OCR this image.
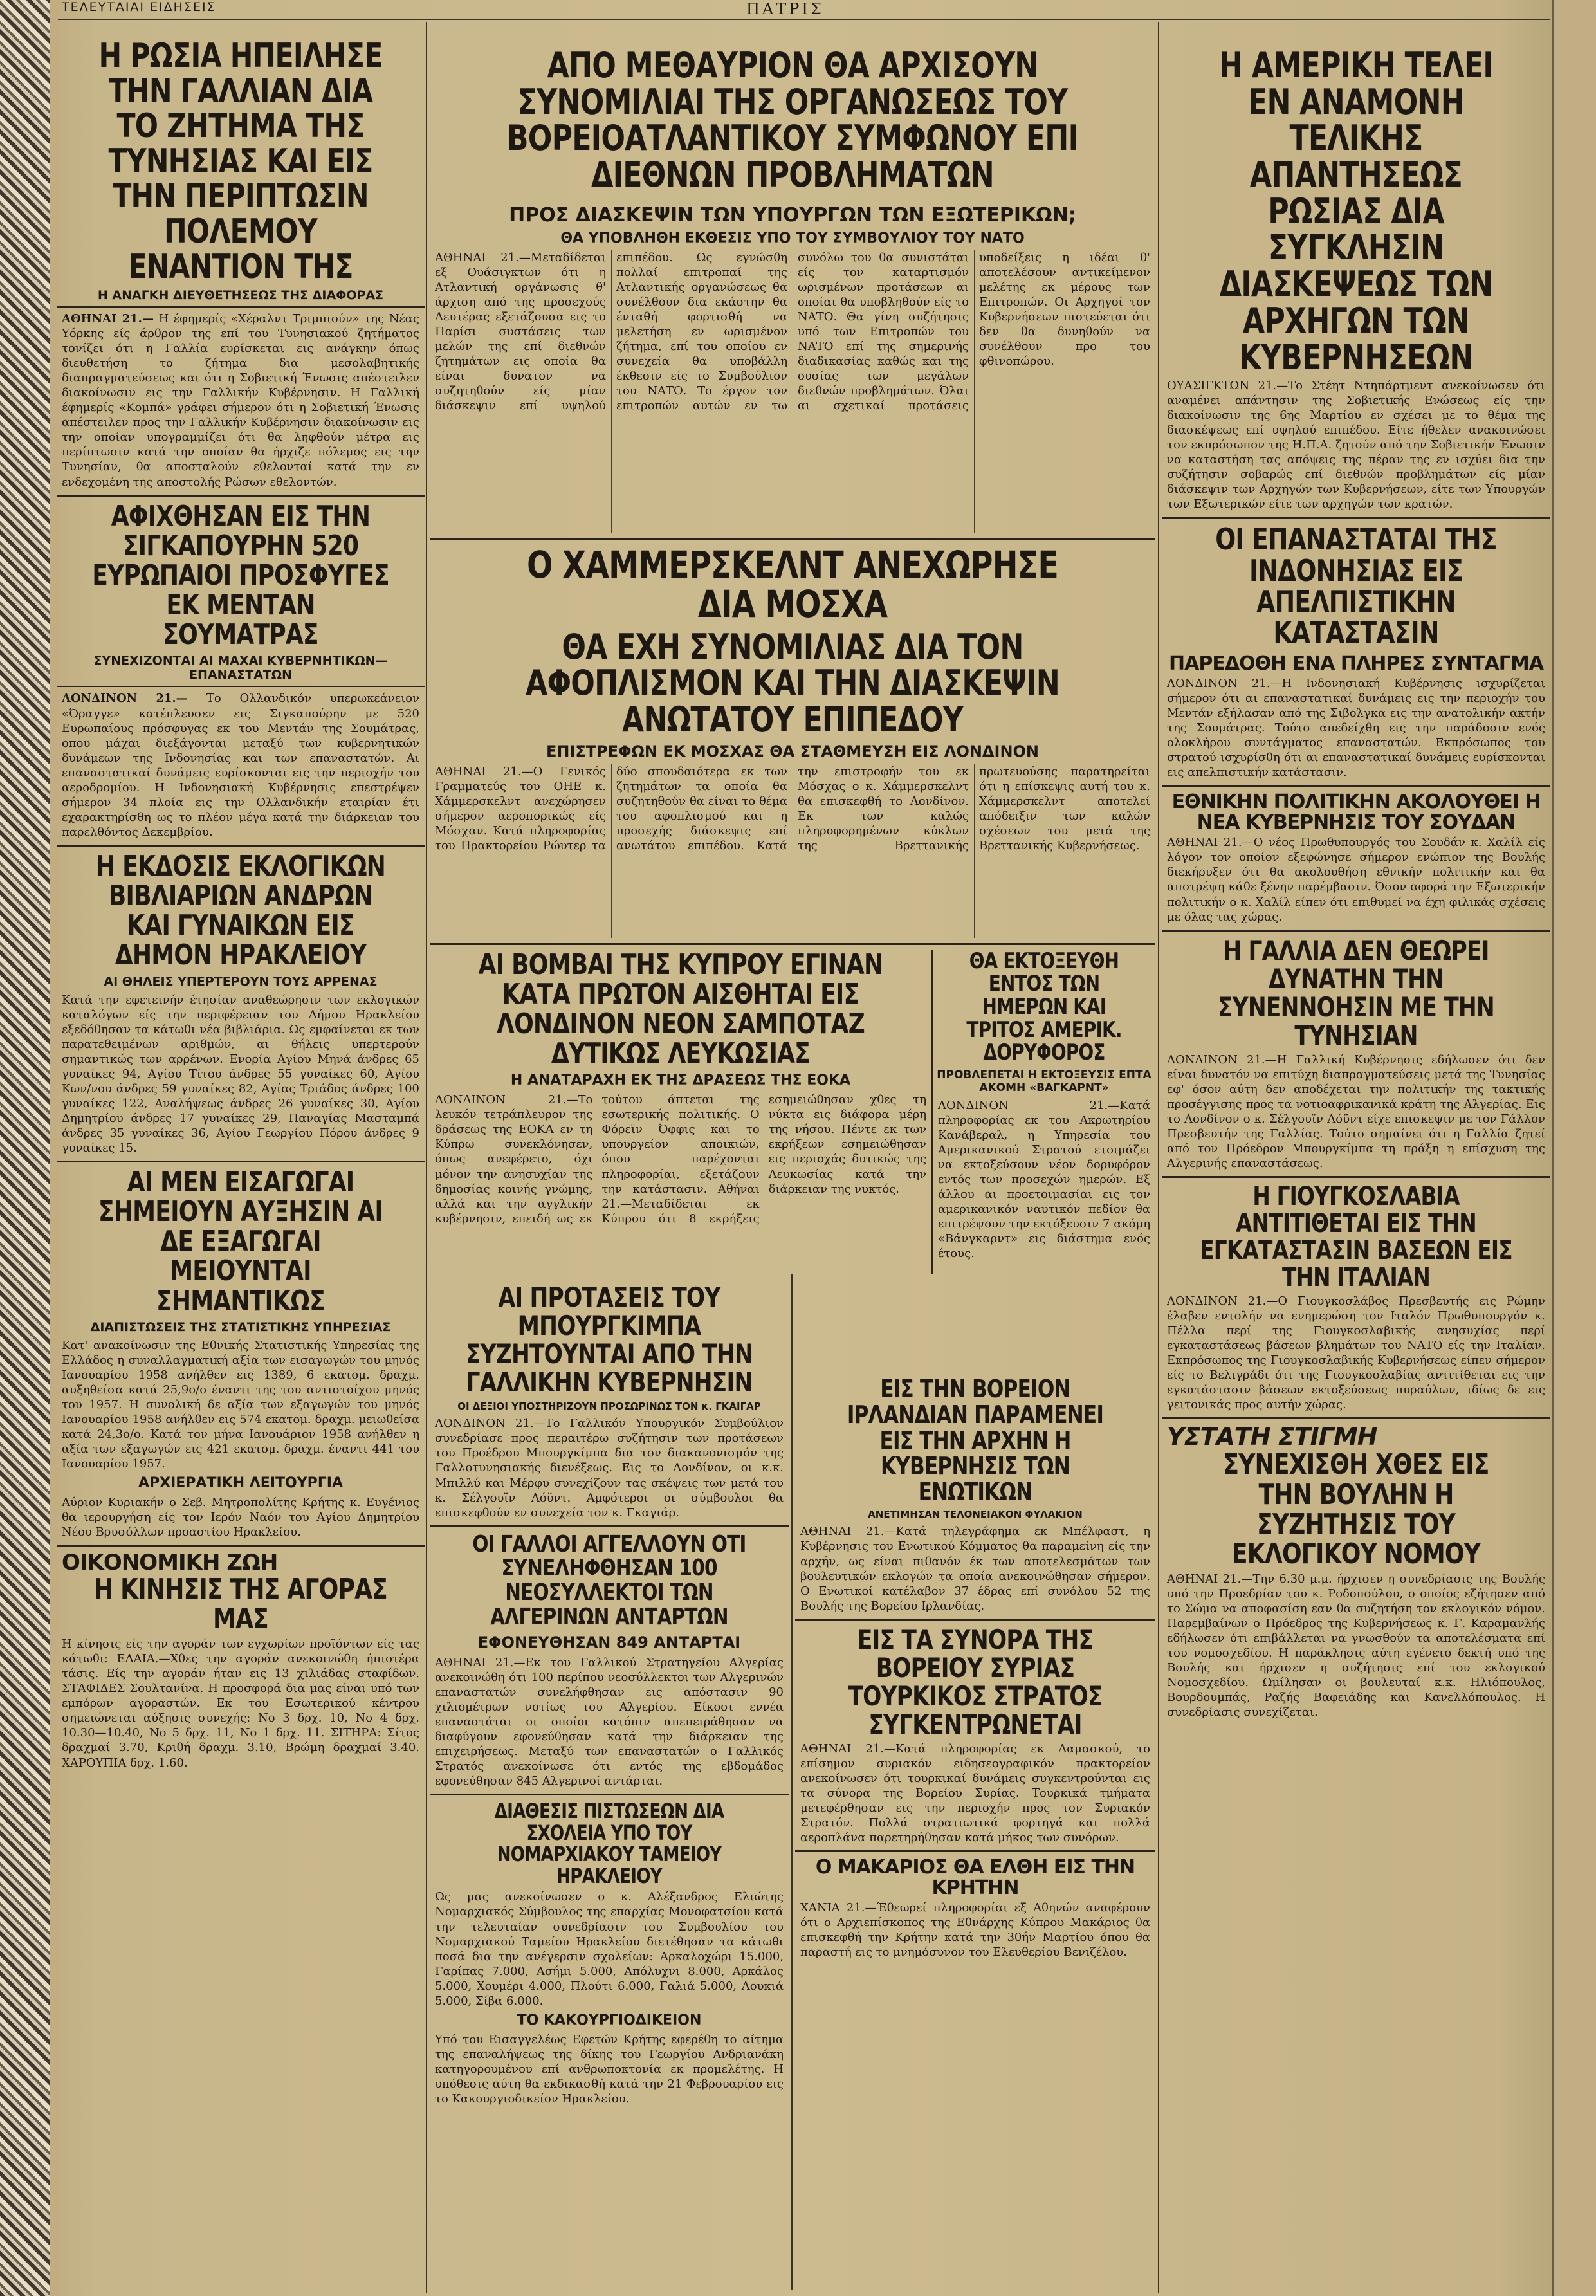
ΤΕΛΕΥΤΑΙΑΙ ΕΙΔΗΣΕΙΣ	ΠΑΤΡΙΣ
Η ΡΩΣΙΑ ΗΠΕΙΛΗΣΕ ΤΗΝ ΓΑΛΛΙΑΝ ΔΙΑ ΤΟ ΖΗΤΗΜΑ ΤΗΣ ΤΥΝΗΣΙΑΣ ΚΑΙ ΕΙΣ ΤΗΝ ΠΕΡΙΠΤΩΣΙΝ ΠΟΛΕΜΟΥ ΕΝΑΝΤΙΟΝ ΤΗΣ
Η ΑΝΑΓΚΗ ΔΙΕΥΘΕΤΗΣΕΩΣ ΤΗΣ ΔΙΑΦΟΡΑΣ
ΑΘΗΝΑΙ 21.— Η έφημερίς «Χέραλντ Τριμπιούν» της Νέας Υόρκης είς άρθρον της επί του Τυνησιακού ζητήματος τονίζει ότι η Γαλλία ευρίσκεται εις ανάγκην όπως διευθετήση το ζήτημα δια μεσολαβητικής διαπραγματεύσεως και ότι η Σοβιετική Ένωσις απέστειλεν διακοίνωσιν εις την Γαλλικήν Κυβέρνησιν. Η Γαλλική έφημερίς «Κομπά» γράφει σήμερον ότι η Σοβιετική Ένωσις απέστειλεν προς την Γαλλικήν Κυβέρνησιν διακοίνωσιν εις την οποίαν υπογραμμίζει ότι θα ληφθούν μέτρα εις περίπτωσιν κατά την οποίαν θα ήρχιζε πόλεμος εις την Τυνησίαν, θα αποσταλούν εθελονταί κατά την εν ενδεχομένη της αποστολής Ρώσων εθελοντών.
ΑΦΙΧΘΗΣΑΝ ΕΙΣ ΤΗΝ ΣΙΓΚΑΠΟΥΡΗΝ 520 ΕΥΡΩΠΑΙΟΙ ΠΡΟΣΦΥΓΕΣ ΕΚ ΜΕΝΤΑΝ ΣΟΥΜΑΤΡΑΣ
ΣΥΝΕΧΙΖΟΝΤΑΙ ΑΙ ΜΑΧΑΙ ΚΥΒΕΡΝΗΤΙΚΩΝ—ΕΠΑΝΑΣΤΑΤΩΝ
ΛΟΝΔΙΝΟΝ 21.— Το Ολλανδικόν υπερωκεάνειον «Όραγγε» κατέπλευσεν εις Σιγκαπούρην με 520 Ευρωπαίους πρόσφυγας εκ του Μεντάν της Σουμάτρας, οπου μάχαι διεξάγονται μεταξύ των κυβερνητικών δυνάμεων της Ινδονησίας και των επαναστατών. Αι επαναστατικαί δυνάμεις ευρίσκονται εις την περιοχήν του αεροδρομίου. Η Ινδονησιακή Κυβέρνησις επεστρέψεν σήμερον 34 πλοία εις την Ολλανδικήν εταιρίαν έτι εχαρακτηρίσθη ως το πλέον μέγα κατά την διάρκειαν του παρελθόντος Δεκεμβρίου.
Η ΕΚΔΟΣΙΣ ΕΚΛΟΓΙΚΩΝ ΒΙΒΛΙΑΡΙΩΝ ΑΝΔΡΩΝ ΚΑΙ ΓΥΝΑΙΚΩΝ ΕΙΣ ΔΗΜΟΝ ΗΡΑΚΛΕΙΟΥ
ΑΙ ΘΗΛΕΙΣ ΥΠΕΡΤΕΡΟΥΝ ΤΟΥΣ ΑΡΡΕΝΑΣ
Κατά την εφετεινήν έτησίαν αναθεώρησιν των εκλογικών καταλόγων είς την περιφέρειαν του Δήμου Ηρακλείου εξεδόθησαν τα κάτωθι νέα βιβλιάρια. Ως εμφαίνεται εκ των παρατεθειμένων αριθμών, αι θήλεις υπερτερούν σημαντικώς των αρρένων. Ενορία Αγίου Μηνά άνδρες 65 γυναίκες 94, Αγίου Τίτου άνδρες 55 γυναίκες 60, Αγίου Κων/νου άνδρες 59 γυναίκες 82, Αγίας Τριάδος άνδρες 100 γυναίκες 122, Αναλήψεως άνδρες 26 γυναίκες 30, Αγίου Δημητρίου άνδρες 17 γυναίκες 29, Παναγίας Μασταμπά άνδρες 35 γυναίκες 36, Αγίου Γεωργίου Πόρου άνδρες 9 γυναίκες 15.
ΑΙ ΜΕΝ ΕΙΣΑΓΩΓΑΙ ΣΗΜΕΙΟΥΝ ΑΥΞΗΣΙΝ ΑΙ ΔΕ ΕΞΑΓΩΓΑΙ ΜΕΙΟΥΝΤΑΙ ΣΗΜΑΝΤΙΚΩΣ
ΔΙΑΠΙΣΤΩΣΕΙΣ ΤΗΣ ΣΤΑΤΙΣΤΙΚΗΣ ΥΠΗΡΕΣΙΑΣ
Κατ' ανακοίνωσιν της Εθνικής Στατιστικής Υπηρεσίας της Ελλάδος η συναλλαγματική αξία των εισαγωγών του μηνός Ιανουαρίου 1958 ανήλθεν εις 1389, 6 εκατομ. δραχμ. αυξηθείσα κατά 25,9ο/ο έναντι της του αντιστοίχου μηνός του 1957. Η συνολική δε αξία των εξαγωγών του μηνός Ιανουαρίου 1958 ανήλθεν εις 574 εκατομ. δραχμ. μειωθείσα κατά 24,3ο/ο. Κατά τον μήνα Ιανουάριον 1958 ανήλθεν η αξία των εξαγωγών εις 421 εκατομ. δραχμ. έναντι 441 του Ιανουαρίου 1957.
ΑΡΧΙΕΡΑΤΙΚΗ ΛΕΙΤΟΥΡΓΙΑ
Αύριον Κυριακήν ο Σεβ. Μητροπολίτης Κρήτης κ. Ευγένιος θα ιερουργήση είς τον Ιερόν Ναόν του Αγίου Δημητρίου Νέου Βρυσόλλων προαστίου Ηρακλείου.
ΟΙΚΟΝΟΜΙΚΗ ΖΩΗ
Η ΚΙΝΗΣΙΣ ΤΗΣ ΑΓΟΡΑΣ ΜΑΣ
Η κίνησις είς την αγοράν των εγχωρίων προϊόντων είς τας κάτωθι: ΕΛΑΙΑ.—Χθες την αγοράν ανεκοινώθη ήπιοτέρα τάσις. Είς την αγοράν ήταν εις 13 χιλιάδας σταφίδων. ΣΤΑΦΙΔΕΣ Σουλτανίνα. Η προσφορά δια μας είναι υπό των εμπόρων αγοραστών. Εκ του Εσωτερικού κέντρου σημειώνεται αύξησις συνεχής: Νο 3 δρχ. 10, Νο 4 δρχ. 10.30—10.40, Νο 5 δρχ. 11, Νο 1 δρχ. 11. ΣΙΤΗΡΑ: Σίτος δραχμαί 3.70, Κριθή δραχμ. 3.10, Βρώμη δραχμαί 3.40. ΧΑΡΟΥΠΙΑ δρχ. 1.60.
ΑΠΟ ΜΕΘΑΥΡΙΟΝ ΘΑ ΑΡΧΙΣΟΥΝ ΣΥΝΟΜΙΛΙΑΙ ΤΗΣ ΟΡΓΑΝΩΣΕΩΣ ΤΟΥ ΒΟΡΕΙΟΑΤΛΑΝΤΙΚΟΥ ΣΥΜΦΩΝΟΥ ΕΠΙ ΔΙΕΘΝΩΝ ΠΡΟΒΛΗΜΑΤΩΝ
ΠΡΟΣ ΔΙΑΣΚΕΨΙΝ ΤΩΝ ΥΠΟΥΡΓΩΝ ΤΩΝ ΕΞΩΤΕΡΙΚΩΝ;
ΘΑ ΥΠΟΒΛΗΘΗ ΕΚΘΕΣΙΣ ΥΠΟ ΤΟΥ ΣΥΜΒΟΥΛΙΟΥ ΤΟΥ ΝΑΤΟ
ΑΘΗΝΑΙ 21.—Μεταδίδεται εξ Ουάσιγκτων ότι η Ατλαντική οργάνωσις θ' άρχιση από της προσεχούς Δευτέρας εξετάζουσα εις το Παρίσι συστάσεις των μελών της επί διεθνών ζητημάτων εις οποία θα είναι δυνατον να συζητηθούν είς μίαν διάσκεψιν επί υψηλού επιπέδου. Ως εγνώσθη πολλαί επιτροπαί της Ατλαντικής οργανώσεως θα συνέλθουν δια εκάστην θα ένταθή φορτισθή να μελετήση εν ωρισμένον ζήτημα, επί του οποίου εν συνεχεία θα υποβάλλη έκθεσιν είς το Συμβούλιον του ΝΑΤΟ. Το έργον τον επιτροπών αυτών εν τω συνόλω του θα συνιστάται είς τον καταρτισμόν ωρισμένων προτάσεων αι οποίαι θα υποβληθούν είς το ΝΑΤΟ. Θα γίνη συζήτησις υπό των Επιτροπών του ΝΑΤΟ επί της σημερινής διαδικασίας καθώς και της ουσίας των μεγάλων διεθνών προβλημάτων. Όλαι αι σχετικαί προτάσεις υποδείξεις η ιδέαι θ' αποτελέσουν αντικείμενον μελέτης εκ μέρους των Επιτροπών. Οι Αρχηγοί τον Κυβερνήσεων πιστεύεται ότι δεν θα δυνηθούν να συνέλθουν προ του φθινοπώρου.
Ο ΧΑΜΜΕΡΣΚΕΛΝΤ ΑΝΕΧΩΡΗΣΕ ΔΙΑ ΜΟΣΧΑ
ΘΑ ΕΧΗ ΣΥΝΟΜΙΛΙΑΣ ΔΙΑ ΤΟΝ ΑΦΟΠΛΙΣΜΟΝ ΚΑΙ ΤΗΝ ΔΙΑΣΚΕΨΙΝ ΑΝΩΤΑΤΟΥ ΕΠΙΠΕΔΟΥ
ΕΠΙΣΤΡΕΦΩΝ ΕΚ ΜΟΣΧΑΣ ΘΑ ΣΤΑΘΜΕΥΣΗ ΕΙΣ ΛΟΝΔΙΝΟΝ
ΑΘΗΝΑΙ 21.—Ο Γενικός Γραμματεύς του ΟΗΕ κ. Χάμμερσκελντ ανεχώρησεν σήμερον αεροπορικώς είς Μόσχαν. Κατά πληροφορίας του Πρακτορείου Ρώυτερ τα δύο σπουδαιότερα εκ των ζητημάτων τα οποία θα συζητηθούν θα είναι το θέμα του αφοπλισμού και η προσεχής διάσκεψις επί ανωτάτου επιπέδου. Κατά την επιστροφήν του εκ Μόσχας ο κ. Χάμμερσκελντ θα επισκεφθή το Λονδίνον. Εκ των καλώς πληροφορημένων κύκλων της Βρεττανικής πρωτευούσης παρατηρείται ότι η επίσκεψις αυτή του κ. Χάμμερσκελντ αποτελεί απόδειξιν των καλών σχέσεων του μετά της Βρεττανικής Κυβερνήσεως.
ΑΙ ΒΟΜΒΑΙ ΤΗΣ ΚΥΠΡΟΥ ΕΓΙΝΑΝ ΚΑΤΑ ΠΡΩΤΟΝ ΑΙΣΘΗΤΑΙ ΕΙΣ ΛΟΝΔΙΝΟΝ ΝΕΟΝ ΣΑΜΠΟΤΑΖ ΔΥΤΙΚΩΣ ΛΕΥΚΩΣΙΑΣ
Η ΑΝΑΤΑΡΑΧΗ ΕΚ ΤΗΣ ΔΡΑΣΕΩΣ ΤΗΣ ΕΟΚΑ
ΛΟΝΔΙΝΟΝ 21.—Το λευκόν τετράπλευρον της δράσεως της ΕΟΚΑ εν τη Κύπρω συνεκλόνησεν, όπως ανεφέρετο, όχι μόνον την ανησυχίαν της δημοσίας κοινής γνώμης, αλλά και την αγγλικήν κυβέρνησιν, επειδή ως εκ τούτου άπτεται της εσωτερικής πολιτικής. Ο Φόρεϊν Όφφις και το υπουργείον αποικιών, όπου παρέχονται πληροφορίαι, εξετάζουν την κατάστασιν. Αθήναι 21.—Μεταδίδεται εκ Κύπρου ότι 8 εκρήξεις εσημειώθησαν χθες τη νύκτα εις διάφορα μέρη της νήσου. Πέντε εκ των εκρήξεων εσημειώθησαν εις περιοχάς δυτικώς της Λευκωσίας κατά την διάρκειαν της νυκτός.
ΘΑ ΕΚΤΟΞΕΥΘΗ ΕΝΤΟΣ ΤΩΝ ΗΜΕΡΩΝ ΚΑΙ ΤΡΙΤΟΣ ΑΜΕΡΙΚ. ΔΟΡΥΦΟΡΟΣ
ΠΡΟΒΛΕΠΕΤΑΙ Η ΕΚΤΟΞΕΥΣΙΣ ΕΠΤΑ ΑΚΟΜΗ «ΒΑΓΚΑΡΝΤ»
ΛΟΝΔΙΝΟΝ 21.—Κατά πληροφορίας εκ του Ακρωτηρίου Κανάβεραλ, η Υπηρεσία του Αμερικανικού Στρατού ετοιμάζει να εκτοξεύσουν νέον δορυφόρον εντός των προσεχών ημερών. Εξ άλλου αι προετοιμασίαι εις τον αμερικανικόν ναυτικόν πεδίον θα επιτρέψουν την εκτόξευσιν 7 ακόμη «Βάνγκαρντ» εις διάστημα ενός έτους.
ΑΙ ΠΡΟΤΑΣΕΙΣ ΤΟΥ ΜΠΟΥΡΓΚΙΜΠΑ ΣΥΖΗΤΟΥΝΤΑΙ ΑΠΟ ΤΗΝ ΓΑΛΛΙΚΗΝ ΚΥΒΕΡΝΗΣΙΝ
ΟΙ ΔΕΞΙΟΙ ΥΠΟΣΤΗΡΙΖΟΥΝ ΠΡΟΣΩΡΙΝΩΣ ΤΟΝ κ. ΓΚΑΙΓΑΡ
ΛΟΝΔΙΝΟΝ 21.—Το Γαλλικόν Υπουργικόν Συμβούλιον συνεδρίασε προς περαιτέρω συζήτησιν των προτάσεων του Προέδρου Μπουργκίμπα δια τον διακανονισμόν της Γαλλοτυνησιακής διενέξεως. Εις το Λονδίνον, οι κ.κ. Μπιλλύ και Μέρφυ συνεχίζουν τας σκέψεις των μετά του κ. Σέλγουϊν Λόϋντ. Αμφότεροι οι σύμβουλοι θα επισκεφθούν εν συνεχεία τον κ. Γκαγιάρ.
ΟΙ ΓΑΛΛΟΙ ΑΓΓΕΛΛΟΥΝ ΟΤΙ ΣΥΝΕΛΗΦΘΗΣΑΝ 100 ΝΕΟΣΥΛΛΕΚΤΟΙ ΤΩΝ ΑΛΓΕΡΙΝΩΝ ΑΝΤΑΡΤΩΝ
ΕΦΟΝΕΥΘΗΣΑΝ 849 ΑΝΤΑΡΤΑΙ
ΑΘΗΝΑΙ 21.—Εκ του Γαλλικού Στρατηγείου Αλγερίας ανεκοινώθη ότι 100 περίπου νεοσύλλεκτοι των Αλγερινών επαναστατών συνελήφθησαν εις απόστασιν 90 χιλιομέτρων νοτίως του Αλγερίου. Είκοσι εννέα επαναστάται οι οποίοι κατόπιν απεπειράθησαν να διαφύγουν εφονεύθησαν κατά την διάρκειαν της επιχειρήσεως. Μεταξύ των επαναστατών ο Γαλλικός Στρατός ανεκοίνωσε ότι εντός της εβδομάδος εφονεύθησαν 845 Αλγερινοί αντάρται.
ΔΙΑΘΕΣΙΣ ΠΙΣΤΩΣΕΩΝ ΔΙΑ ΣΧΟΛΕΙΑ ΥΠΟ ΤΟΥ ΝΟΜΑΡΧΙΑΚΟΥ ΤΑΜΕΙΟΥ ΗΡΑΚΛΕΙΟΥ
Ως μας ανεκοίνωσεν ο κ. Αλέξανδρος Ελιώτης Νομαρχιακός Σύμβουλος της επαρχίας Μονοφατσίου κατά την τελευταίαν συνεδρίασιν του Συμβουλίου του Νομαρχιακού Ταμείου Ηρακλείου διετέθησαν τα κάτωθι ποσά δια την ανέγερσιν σχολείων: Αρκαλοχώρι 15.000, Γαρίπας 7.000, Ασήμι 5.000, Απόλυχνι 8.000, Αρκάλος 5.000, Χουμέρι 4.000, Πλούτι 6.000, Γαλιά 5.000, Λουκιά 5.000, Σίβα 6.000.
ΤΟ ΚΑΚΟΥΡΓΙΟΔΙΚΕΙΟΝ
Υπό του Εισαγγελέως Εφετών Κρήτης εφερέθη το αίτημα της επαναλήψεως της δίκης του Γεωργίου Ανδριανάκη κατηγορουμένου επί ανθρωποκτονία εκ προμελέτης. Η υπόθεσις αύτη θα εκδικασθή κατά την 21 Φεβρουαρίου εις το Κακουργιοδικείον Ηρακλείου.
ΕΙΣ ΤΗΝ ΒΟΡΕΙΟΝ ΙΡΛΑΝΔΙΑΝ ΠΑΡΑΜΕΝΕΙ ΕΙΣ ΤΗΝ ΑΡΧΗΝ Η ΚΥΒΕΡΝΗΣΙΣ ΤΩΝ ΕΝΩΤΙΚΩΝ
ΑΝΕΤΙΜΗΣΑΝ ΤΕΛΟΝΕΙΑΚΟΝ ΦΥΛΑΚΙΟΝ
ΑΘΗΝΑΙ 21.—Κατά τηλεγράφημα εκ Μπέλφαστ, η Κυβέρνησις του Ενωτικού Κόμματος θα παραμείνη είς την αρχήν, ως είναι πιθανόν έκ των αποτελεσμάτων των βουλευτικών εκλογών τα οποία ανεκοινώθησαν σήμερον. Ο Ενωτικοί κατέλαβον 37 έδρας επί συνόλου 52 της Βουλής της Βορείου Ιρλανδίας.
ΕΙΣ ΤΑ ΣΥΝΟΡΑ ΤΗΣ ΒΟΡΕΙΟΥ ΣΥΡΙΑΣ ΤΟΥΡΚΙΚΟΣ ΣΤΡΑΤΟΣ ΣΥΓΚΕΝΤΡΩΝΕΤΑΙ
ΑΘΗΝΑΙ 21.—Κατά πληροφορίας εκ Δαμασκού, το επίσημον συριακόν ειδησεογραφικόν πρακτορείον ανεκοίνωσεν ότι τουρκικαί δυνάμεις συγκεντρούνται εις τα σύνορα της Βορείου Συρίας. Τουρκικά τμήματα μετεφέρθησαν εις την περιοχήν προς τον Συριακόν Στρατόν. Πολλά στρατιωτικά φορτηγά και πολλά αεροπλάνα παρετηρήθησαν κατά μήκος των συνόρων.
Ο ΜΑΚΑΡΙΟΣ ΘΑ ΕΛΘΗ ΕΙΣ ΤΗΝ ΚΡΗΤΗΝ
ΧΑΝΙΑ 21.—Έθεωρεί πληροφορίαι εξ Αθηνών αναφέρουν ότι ο Αρχιεπίσκοπος της Εθνάρχης Κύπρου Μακάριος θα επισκεφθή την Κρήτην κατά την 30ήν Μαρτίου όπου θα παραστή εις το μνημόσυνον του Ελευθερίου Βενιζέλου.
Η ΑΜΕΡΙΚΗ ΤΕΛΕΙ ΕΝ ΑΝΑΜΟΝΗ ΤΕΛΙΚΗΣ ΑΠΑΝΤΗΣΕΩΣ ΡΩΣΙΑΣ ΔΙΑ ΣΥΓΚΛΗΣΙΝ ΔΙΑΣΚΕΨΕΩΣ ΤΩΝ ΑΡΧΗΓΩΝ ΤΩΝ ΚΥΒΕΡΝΗΣΕΩΝ
ΟΥΑΣΙΓΚΤΩΝ 21.—Το Στέητ Ντηπάρτμεντ ανεκοίνωσεν ότι αναμένει απάντησιν της Σοβιετικής Ενώσεως είς την διακοίνωσιν της 6ης Μαρτίου εν σχέσει με το θέμα της διασκέψεως επί υψηλού επιπέδου. Είτε ήθελεν ανακοινώσει τον εκπρόσωπον της Η.Π.Α. ζητούν από την Σοβιετικήν Ένωσιν να καταστήση τας απόψεις της πέραν της εν ισχύει δια την συζήτησιν σοβαρώς επί διεθνών προβλημάτων είς μίαν διάσκεψιν των Αρχηγών των Κυβερνήσεων, είτε των Υπουργών των Εξωτερικών είτε των αρχηγών των κρατών.
ΟΙ ΕΠΑΝΑΣΤΑΤΑΙ ΤΗΣ ΙΝΔΟΝΗΣΙΑΣ ΕΙΣ ΑΠΕΛΠΙΣΤΙΚΗΝ ΚΑΤΑΣΤΑΣΙΝ
ΠΑΡΕΔΟΘΗ ΕΝΑ ΠΛΗΡΕΣ ΣΥΝΤΑΓΜΑ
ΛΟΝΔΙΝΟΝ 21.—Η Ινδονησιακή Κυβέρνησις ισχυρίζεται σήμερον ότι αι επαναστατικαί δυνάμεις εις την περιοχήν του Μεντάν εξήλασαν από της Σιβολγκα εις την ανατολικήν ακτήν της Σουμάτρας. Τούτο απεδείχθη εις την παράδοσιν ενός ολοκλήρου συντάγματος επαναστατών. Εκπρόσωπος του στρατού ισχυρίσθη ότι αι επαναστατικαί δυνάμεις ευρίσκονται εις απελπιστικήν κατάστασιν.
ΕΘΝΙΚΗΝ ΠΟΛΙΤΙΚΗΝ ΑΚΟΛΟΥΘΕΙ Η ΝΕΑ ΚΥΒΕΡΝΗΣΙΣ ΤΟΥ ΣΟΥΔΑΝ
ΑΘΗΝΑΙ 21.—Ο νέος Πρωθυπουργός του Σουδάν κ. Χαλίλ είς λόγον τον οποίον εξεφώνησε σήμερον ενώπιον της Βουλής διεκήρυξεν ότι θα ακολουθήση εθνικήν πολιτικήν και θα αποτρέψη κάθε ξένην παρέμβασιν. Όσον αφορά την Εξωτερικήν πολιτικήν ο κ. Χαλίλ είπεν ότι επιθυμεί να έχη φιλικάς σχέσεις με όλας τας χώρας.
Η ΓΑΛΛΙΑ ΔΕΝ ΘΕΩΡΕΙ ΔΥΝΑΤΗΝ ΤΗΝ ΣΥΝΕΝΝΟΗΣΙΝ ΜΕ ΤΗΝ ΤΥΝΗΣΙΑΝ
ΛΟΝΔΙΝΟΝ 21.—Η Γαλλική Κυβέρνησις εδήλωσεν ότι δεν είναι δυνατόν να επιτύχη διαπραγματεύσεις μετά της Τυνησίας εφ' όσον αύτη δεν αποδέχεται την πολιτικήν της τακτικής προσέγγισης προς τα νοτιοαφρικανικά κράτη της Αλγερίας. Εις το Λονδίνον ο κ. Σέλγουϊν Λόϋντ είχε επισκεψιν με τον Γάλλον Πρεσβευτήν της Γαλλίας. Τούτο σημαίνει ότι η Γαλλία ζητεί από τον Πρόεδρον Μπουργκίμπα τη πράξη η επίσχυση της Αλγερινής επαναστάσεως.
Η ΓΙΟΥΓΚΟΣΛΑΒΙΑ ΑΝΤΙΤΙΘΕΤΑΙ ΕΙΣ ΤΗΝ ΕΓΚΑΤΑΣΤΑΣΙΝ ΒΑΣΕΩΝ ΕΙΣ ΤΗΝ ΙΤΑΛΙΑΝ
ΛΟΝΔΙΝΟΝ 21.—Ο Γιουγκοσλάβος Πρεσβευτής εις Ρώμην έλαβεν εντολήν να ενημερώση τον Ιταλόν Πρωθυπουργόν κ. Πέλλα περί της Γιουγκοσλαβικής ανησυχίας περί εγκαταστάσεως βάσεων βλημάτων του ΝΑΤΟ είς την Ιταλίαν. Εκπρόσωπος της Γιουγκοσλαβικής Κυβερνήσεως είπεν σήμερον είς το Βελιγράδι ότι της Γιουγκοσλαβίας αντιτίθεται εις την εγκατάστασιν βάσεων εκτοξεύσεως πυραύλων, ιδίως δε εις γειτονικάς προς αυτήν χώρας.
ΥΣΤΑΤΗ ΣΤΙΓΜΗ
ΣΥΝΕΧΙΣΘΗ ΧΘΕΣ ΕΙΣ ΤΗΝ ΒΟΥΛΗΝ Η ΣΥΖΗΤΗΣΙΣ ΤΟΥ ΕΚΛΟΓΙΚΟΥ ΝΟΜΟΥ
ΑΘΗΝΑΙ 21.—Την 6.30 μ.μ. ήρχισεν η συνεδρίασις της Βουλής υπό την Προεδρίαν του κ. Ροδοπούλου, ο οποίος εζήτησεν από το Σώμα να αποφασίση εαν θα συζητήση τον εκλογικόν νόμον. Παρεμβαίνων ο Πρόεδρος της Κυβερνήσεως κ. Γ. Καραμανλής εδήλωσεν ότι επιβάλλεται να γνωσθούν τα αποτελέσματα επί του νομοσχεδίου. Η παράκλησις αύτη εγένετο δεκτή υπό της Βουλής και ήρχισεν η συζήτησις επί του εκλογικού Νομοσχεδίου. Ωμίλησαν οι βουλευταί κ.κ. Ηλιόπουλος, Βουρδουμπάς, Ραζής Βαφειάδης και Κανελλόπουλος. Η συνεδρίασις συνεχίζεται.
